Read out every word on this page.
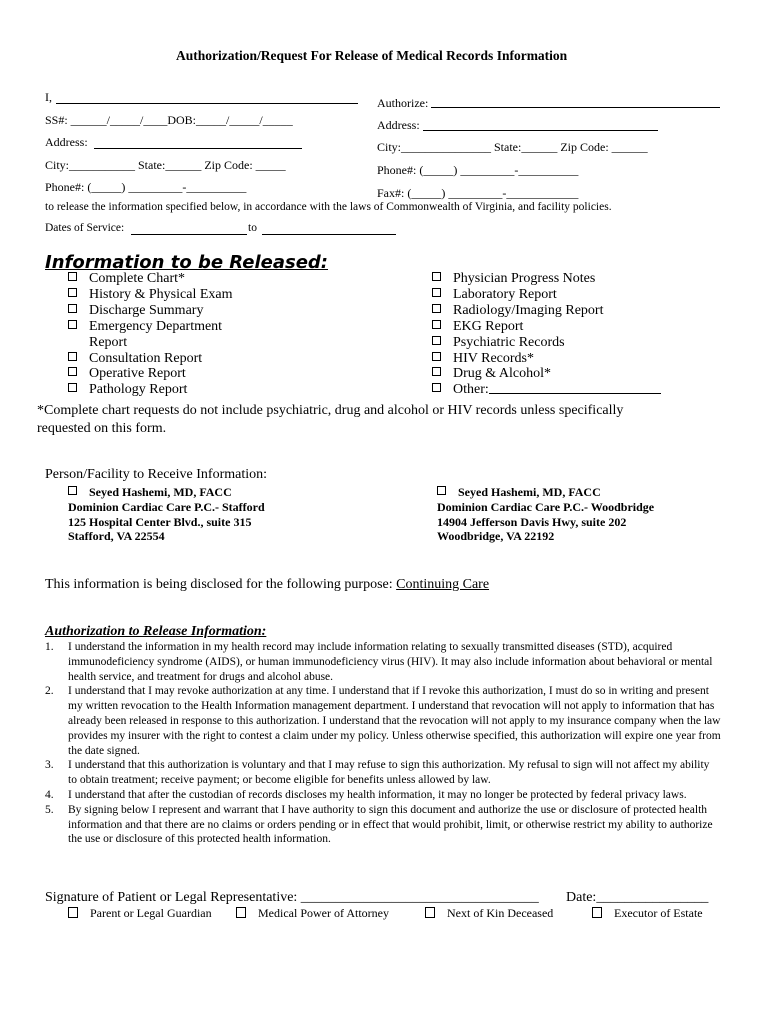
Authorization/Request For Release of Medical Records Information
I,
SS#: ______/_____/____DOB:_____/_____/_____
Address:
City:___________ State:______ Zip Code: _____
Phone#: (_____) _________-__________
Authorize:
Address:
City:_______________ State:______ Zip Code: ______
Phone#: (_____) _________-__________
Fax#: (_____) _________-____________
to release the information specified below, in accordance with the laws of Commonwealth of Virginia, and facility policies.
Dates of Service:	to
Information to be Released:
Complete Chart*
History & Physical Exam
Discharge Summary
Emergency Department
Report
Consultation Report
Operative Report
Pathology Report
Physician Progress Notes
Laboratory Report
Radiology/Imaging Report
EKG Report
Psychiatric Records
HIV Records*
Drug & Alcohol*
Other:
*Complete chart requests do not include psychiatric, drug and alcohol or HIV records unless specifically
requested on this form.
Person/Facility to Receive Information:
Seyed Hashemi, MD, FACC
Dominion Cardiac Care P.C.- Stafford
125 Hospital Center Blvd., suite 315
Stafford, VA 22554
Seyed Hashemi, MD, FACC
Dominion Cardiac Care P.C.- Woodbridge
14904 Jefferson Davis Hwy, suite 202
Woodbridge, VA 22192
This information is being disclosed for the following purpose: Continuing Care
Authorization to Release Information:
1. I understand the information in my health record may include information relating to sexually transmitted diseases (STD), acquired immunodeficiency syndrome (AIDS), or human immunodeficiency virus (HIV). It may also include information about behavioral or mental health service, and treatment for drugs and alcohol abuse.
2. I understand that I may revoke authorization at any time. I understand that if I revoke this authorization, I must do so in writing and present my written revocation to the Health Information management department. I understand that revocation will not apply to information that has already been released in response to this authorization. I understand that the revocation will not apply to my insurance company when the law provides my insurer with the right to contest a claim under my policy. Unless otherwise specified, this authorization will expire one year from the date signed.
3. I understand that this authorization is voluntary and that I may refuse to sign this authorization. My refusal to sign will not affect my ability to obtain treatment; receive payment; or become eligible for benefits unless allowed by law.
4. I understand that after the custodian of records discloses my health information, it may no longer be protected by federal privacy laws.
5. By signing below I represent and warrant that I have authority to sign this document and authorize the use or disclosure of protected health information and that there are no claims or orders pending or in effect that would prohibit, limit, or otherwise restrict my ability to authorize the use or disclosure of this protected health information.
Signature of Patient or Legal Representative: __________________________________ Date:________________
Parent or Legal Guardian	Medical Power of Attorney	Next of Kin Deceased	Executor of Estate
